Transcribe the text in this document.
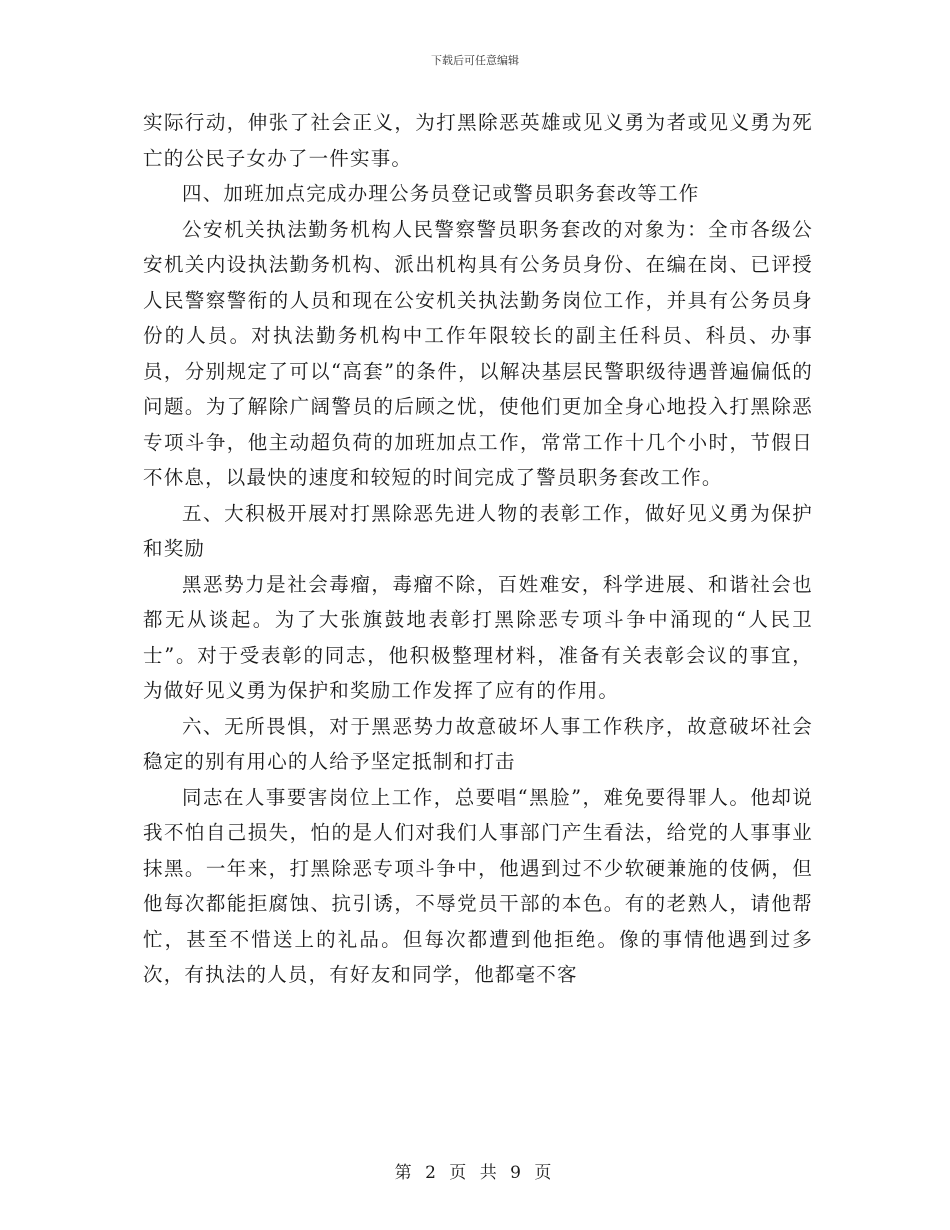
下载后可任意编辑

实际行动，伸张了社会正义，为打黑除恶英雄或见义勇为者或见义勇为死亡的公民子女办了一件实事。

四、加班加点完成办理公务员登记或警员职务套改等工作

公安机关执法勤务机构人民警察警员职务套改的对象为：全市各级公安机关内设执法勤务机构、派出机构具有公务员身份、在编在岗、已评授人民警察警衔的人员和现在公安机关执法勤务岗位工作，并具有公务员身份的人员。对执法勤务机构中工作年限较长的副主任科员、科员、办事员，分别规定了可以“高套”的条件，以解决基层民警职级待遇普遍偏低的问题。为了解除广阔警员的后顾之忧，使他们更加全身心地投入打黑除恶专项斗争，他主动超负荷的加班加点工作，常常工作十几个小时，节假日不休息，以最快的速度和较短的时间完成了警员职务套改工作。

五、大积极开展对打黑除恶先进人物的表彰工作，做好见义勇为保护和奖励

黑恶势力是社会毒瘤，毒瘤不除，百姓难安，科学进展、和谐社会也都无从谈起。为了大张旗鼓地表彰打黑除恶专项斗争中涌现的“人民卫士”。对于受表彰的同志，他积极整理材料，准备有关表彰会议的事宜，为做好见义勇为保护和奖励工作发挥了应有的作用。

六、无所畏惧，对于黑恶势力故意破坏人事工作秩序，故意破坏社会稳定的别有用心的人给予坚定抵制和打击

同志在人事要害岗位上工作，总要唱“黑脸”，难免要得罪人。他却说我不怕自己损失，怕的是人们对我们人事部门产生看法，给党的人事事业抹黑。一年来，打黑除恶专项斗争中，他遇到过不少软硬兼施的伎俩，但他每次都能拒腐蚀、抗引诱，不辱党员干部的本色。有的老熟人，请他帮忙，甚至不惜送上的礼品。但每次都遭到他拒绝。像的事情他遇到过多次，有执法的人员，有好友和同学，他都毫不客

第 2 页 共 9 页
